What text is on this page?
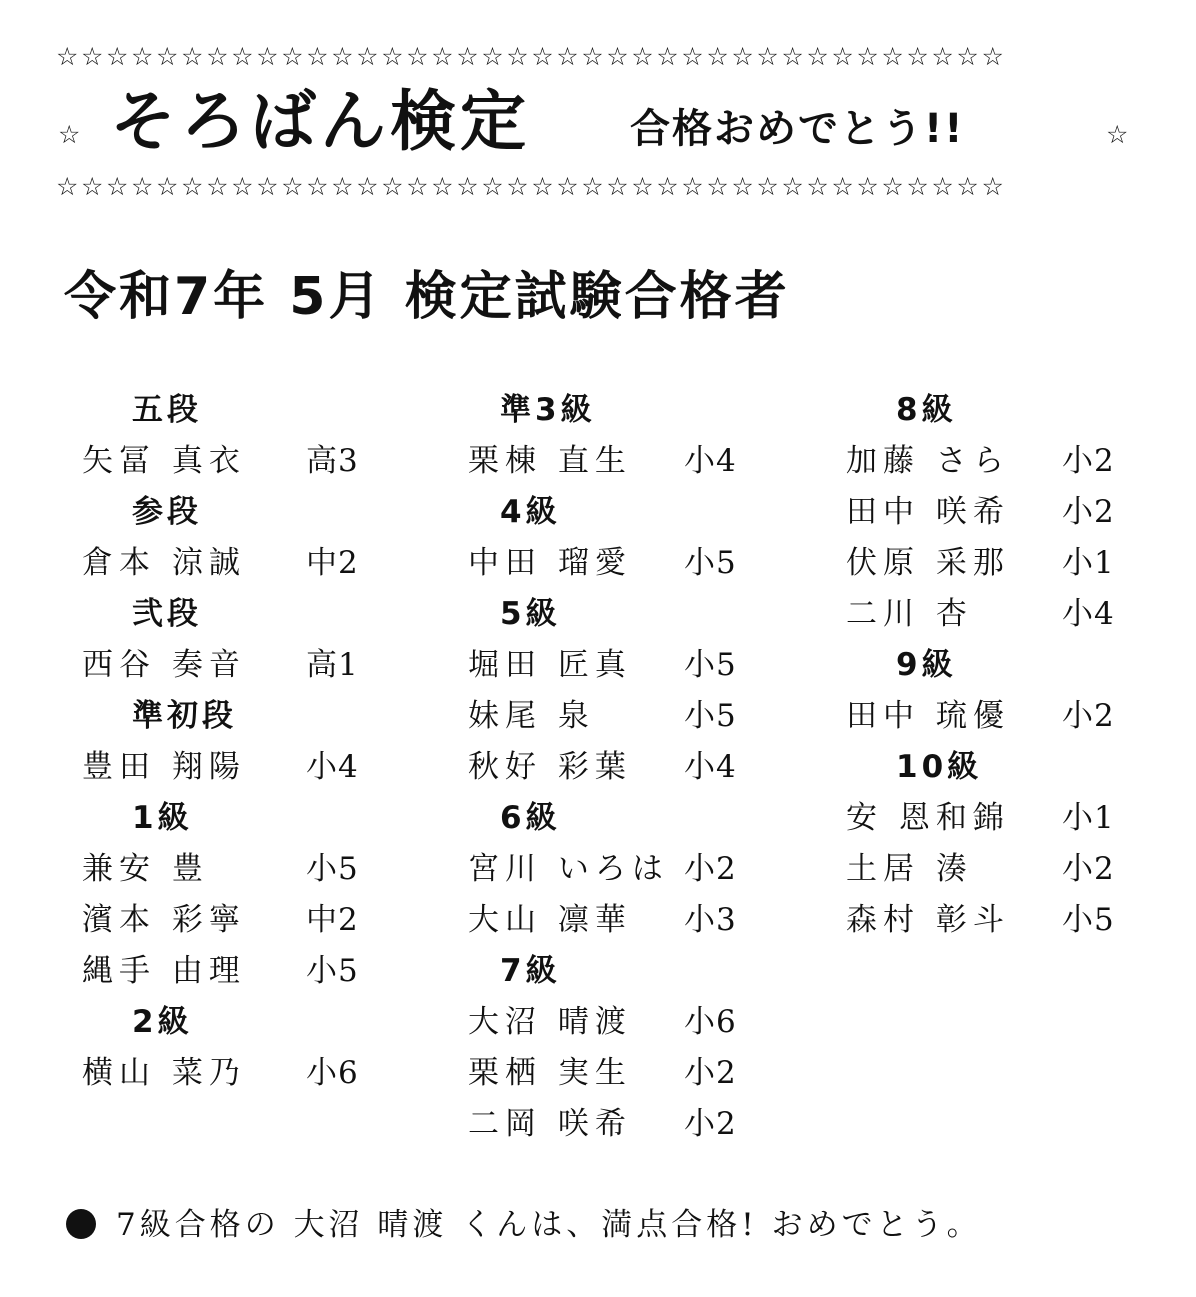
☆☆☆☆☆☆☆☆☆☆☆☆☆☆☆☆☆☆☆☆☆☆☆☆☆☆☆☆☆☆☆☆☆☆☆☆☆☆
☆ そろばん検定	合格おめでとう!!	☆
☆☆☆☆☆☆☆☆☆☆☆☆☆☆☆☆☆☆☆☆☆☆☆☆☆☆☆☆☆☆☆☆☆☆☆☆☆☆
令和7年 5月 検定試験合格者
五段
矢冨 真衣 高3
参段
倉本 涼誠 中2
弐段
西谷 奏音 高1
準初段
豊田 翔陽 小4
1級
兼安 豊	小5
濱本 彩寧 中2
縄手 由理 小5
2級
横山 菜乃 小6
準3級
栗棟 直生 小4
4級
中田 瑠愛 小5
5級
堀田 匠真 小5
妹尾 泉	小5
秋好 彩葉 小4
6級
宮川 いろは 小2
大山 凛華 小3
7級
大沼 晴渡 小6
栗栖 実生 小2
二岡 咲希 小2
8級
加藤 さら 小2
田中 咲希 小2
伏原 采那 小1
二川 杏	小4
9級
田中 琉優 小2
10級
安 恩和錦 小1
土居 湊	小2
森村 彰斗 小5
7級合格の 大沼 晴渡 くんは、満点合格! おめでとう。
